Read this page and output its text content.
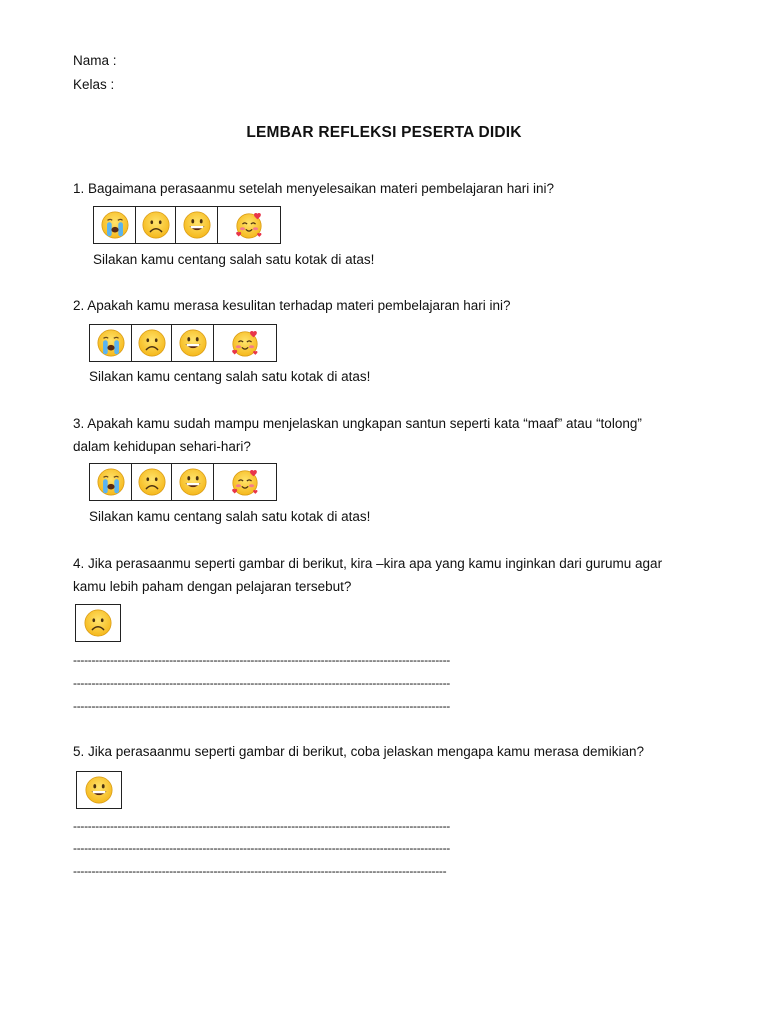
Nama :
Kelas :
LEMBAR REFLEKSI PESERTA DIDIK
1. Bagaimana perasaanmu setelah menyelesaikan materi pembelajaran hari ini?
Silakan kamu centang salah satu kotak di atas!
2. Apakah kamu merasa kesulitan terhadap materi pembelajaran hari ini?
Silakan kamu centang salah satu kotak di atas!
3. Apakah kamu sudah mampu menjelaskan ungkapan santun seperti kata “maaf” atau “tolong”
dalam kehidupan sehari-hari?
Silakan kamu centang salah satu kotak di atas!
4. Jika perasaanmu seperti gambar di berikut, kira –kira apa yang kamu inginkan dari gurumu agar
kamu lebih paham dengan pelajaran tersebut?
------------------------------------------------------------------------------------------------------
------------------------------------------------------------------------------------------------------
------------------------------------------------------------------------------------------------------
5. Jika perasaanmu seperti gambar di berikut, coba jelaskan mengapa kamu merasa demikian?
------------------------------------------------------------------------------------------------------
------------------------------------------------------------------------------------------------------
-----------------------------------------------------------------------------------------------------
